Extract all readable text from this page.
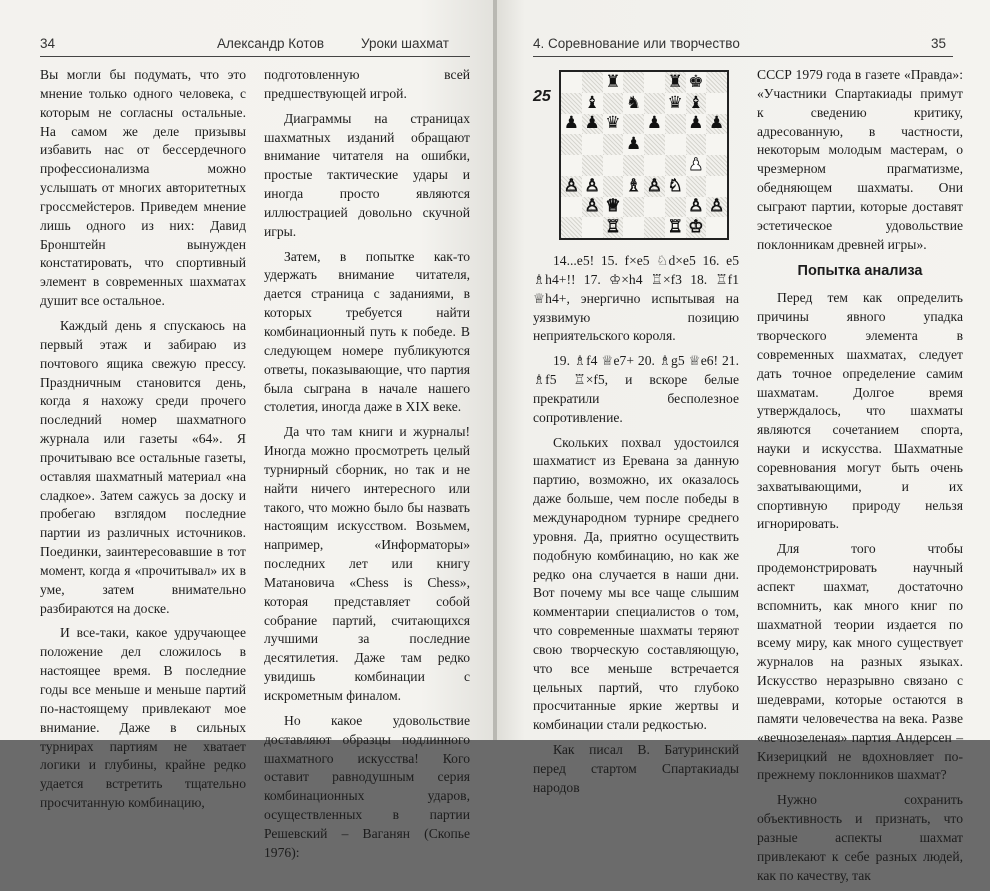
34	Александр Котов	Уроки шахмат

Вы могли бы подумать, что это мнение только одного человека, с которым не согласны остальные. На самом же деле призывы избавить нас от бессердечного профессионализма можно услышать от многих авторитетных гроссмейстеров. Приведем мнение лишь одного из них: Давид Бронштейн вынужден констатировать, что спортивный элемент в современных шахматах душит все остальное.

Каждый день я спускаюсь на первый этаж и забираю из почтового ящика свежую прессу. Праздничным становится день, когда я нахожу среди прочего последний номер шахматного журнала или газеты «64». Я прочитываю все остальные газеты, оставляя шахматный материал «на сладкое». Затем сажусь за доску и пробегаю взглядом последние партии из различных источников. Поединки, заинтересовавшие в тот момент, когда я «прочитывал» их в уме, затем внимательно разбираются на доске.

И все-таки, какое удручающее положение дел сложилось в настоящее время. В последние годы все меньше и меньше партий по-настоящему привлекают мое внимание. Даже в сильных турнирах партиям не хватает логики и глубины, крайне редко удается встретить тщательно просчитанную комбинацию,

подготовленную всей предшествующей игрой.

Диаграммы на страницах шахматных изданий обращают внимание читателя на ошибки, простые тактические удары и иногда просто являются иллюстрацией довольно скучной игры.

Затем, в попытке как-то удержать внимание читателя, дается страница с заданиями, в которых требуется найти комбинационный путь к победе. В следующем номере публикуются ответы, показывающие, что партия была сыграна в начале нашего столетия, иногда даже в XIX веке.

Да что там книги и журналы! Иногда можно просмотреть целый турнирный сборник, но так и не найти ничего интересного или такого, что можно было бы назвать настоящим искусством. Возьмем, например, «Информаторы» последних лет или книгу Матановича «Chess is Chess», которая представляет собой собрание партий, считающихся лучшими за последние десятилетия. Даже там редко увидишь комбинации с искрометным финалом.

Но какое удовольствие доставляют образцы подлинного шахматного искусства! Кого оставит равнодушным серия комбинационных ударов, осуществленных в партии Решевский – Ваганян (Скопье 1976):

4. Соревнование или творчество	35
25
♜	♜ ♚
♝ ♞ ♛ ♝
♟ ♟ ♛ ♟ ♟ ♟
♟
♟
♙ ♙ ♗ ♙ ♘
♙ ♕	♙ ♙
♖	♖ ♔

14...e5! 15. f×e5 ♘d×e5 16. e5 ♗h4+!! 17. ♔×h4 ♖×f3 18. ♖f1 ♕h4+, энергично испытывая на уязвимую позицию неприятельского короля.

19. ♗f4 ♕e7+ 20. ♗g5 ♕e6! 21. ♗f5 ♖×f5, и вскоре белые прекратили бесполезное сопротивление.

Скольких похвал удостоился шахматист из Еревана за данную партию, возможно, их оказалось даже больше, чем после победы в международном турнире среднего уровня. Да, приятно осуществить подобную комбинацию, но как же редко она случается в наши дни. Вот почему мы все чаще слышим комментарии специалистов о том, что современные шахматы теряют свою творческую составляющую, что все меньше встречается цельных партий, что глубоко просчитанные яркие жертвы и комбинации стали редкостью.

Как писал В. Батуринский перед стартом Спартакиады народов

СССР 1979 года в газете «Правда»: «Участники Спартакиады примут к сведению критику, адресованную, в частности, некоторым молодым мастерам, о чрезмерном прагматизме, обедняющем шахматы. Они сыграют партии, которые доставят эстетическое удовольствие поклонникам древней игры».

Попытка анализа

Перед тем как определить причины явного упадка творческого элемента в современных шахматах, следует дать точное определение самим шахматам. Долгое время утверждалось, что шахматы являются сочетанием спорта, науки и искусства. Шахматные соревнования могут быть очень захватывающими, и их спортивную природу нельзя игнорировать.

Для того чтобы продемонстрировать научный аспект шахмат, достаточно вспомнить, как много книг по шахматной теории издается по всему миру, как много существует журналов на разных языках. Искусство неразрывно связано с шедеврами, которые остаются в памяти человечества на века. Разве «вечнозеленая» партия Андерсен – Кизерицкий не вдохновляет по-прежнему поклонников шахмат?

Нужно сохранить объективность и признать, что разные аспекты шахмат привлекают к себе разных людей, как по качеству, так
